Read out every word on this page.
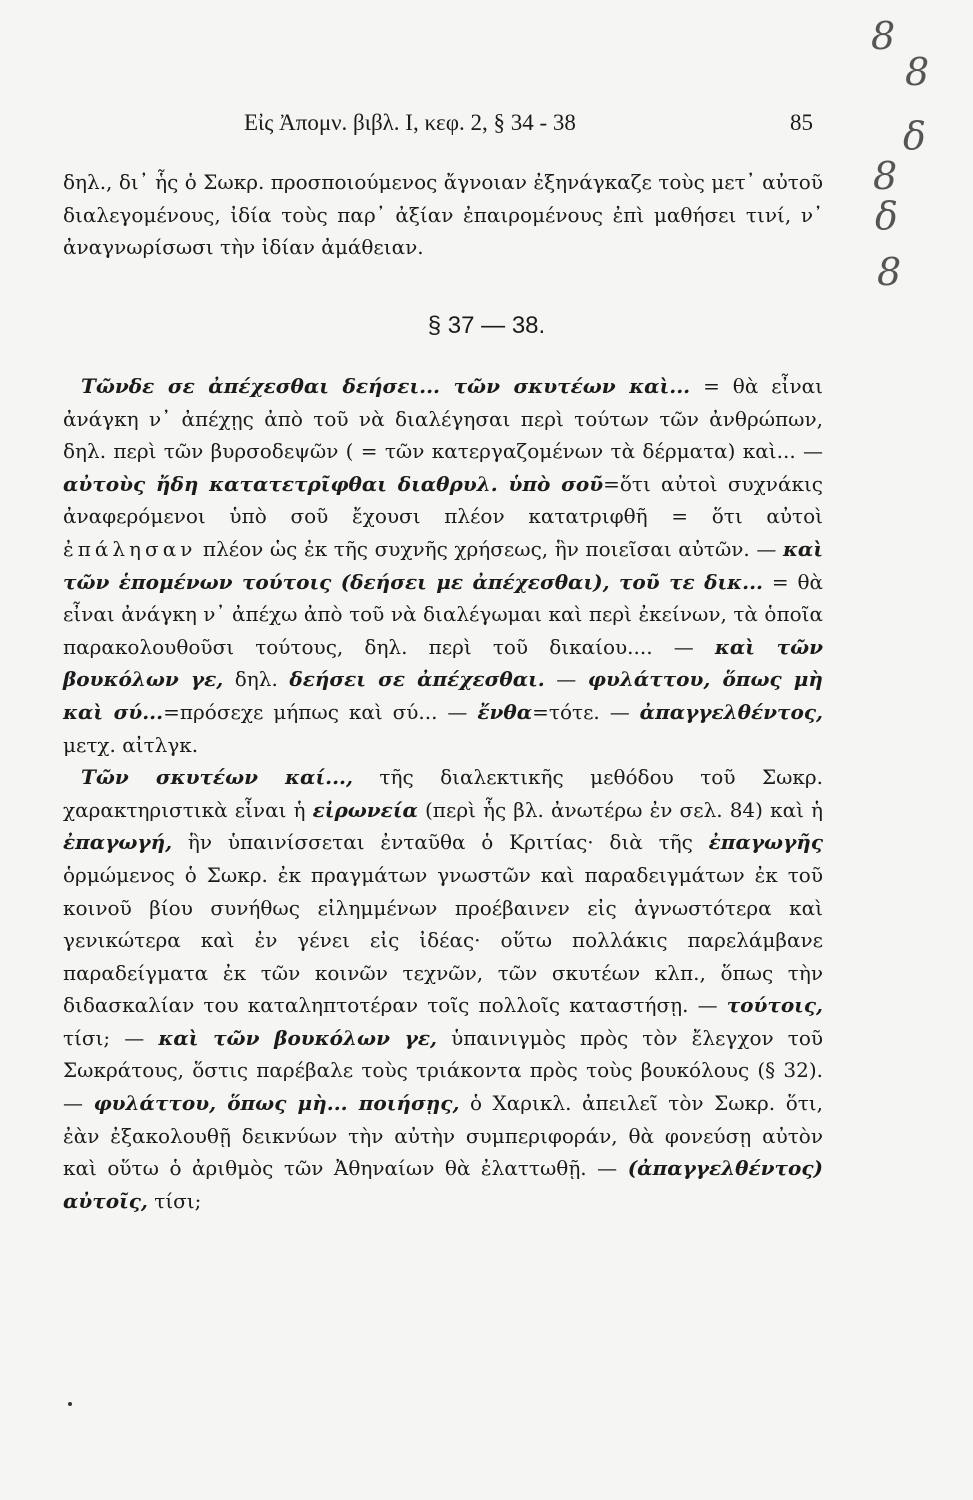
8
8
δ
8
δ
8
Εἰς Ἀπομν. βιβλ. Ι, κεφ. 2, § 34 - 38	85

δηλ., δι᾽ ἧς ὁ Σωκρ. προσποιούμενος ἄγνοιαν ἐξηνάγκαζε τοὺς μετ᾽ αὐτοῦ διαλεγομένους, ἰδία τοὺς παρ᾽ ἀξίαν ἐπαιρομένους ἐπὶ μαθήσει τινί, ν᾽ ἀναγνωρίσωσι τὴν ἰδίαν ἀμάθειαν.

§ 37 — 38.

Τῶνδε σε ἀπέχεσθαι δεήσει... τῶν σκυτέων καὶ... = θὰ εἶναι ἀνάγκη ν᾽ ἀπέχῃς ἀπὸ τοῦ νὰ διαλέγησαι περὶ τούτων τῶν ἀνθρώπων, δηλ. περὶ τῶν βυρσοδεψῶν ( = τῶν κατεργαζομένων τὰ δέρματα) καὶ... — αὐτοὺς ἤδη κατατετρῖφθαι διαθρυλ. ὑπὸ σοῦ=ὅτι αὐτοὶ συχνάκις ἀναφερόμενοι ὑπὸ σοῦ ἔχουσι πλέον κατατριφθῆ = ὅτι αὐτοὶ ἐπάλησαν πλέον ὡς ἐκ τῆς συχνῆς χρήσεως, ἣν ποιεῖσαι αὐτῶν. — καὶ τῶν ἑπομένων τούτοις (δεήσει με ἀπέχεσθαι), τοῦ τε δικ... = θὰ εἶναι ἀνάγκη ν᾽ ἀπέχω ἀπὸ τοῦ νὰ διαλέγωμαι καὶ περὶ ἐκείνων, τὰ ὁποῖα παρακολουθοῦσι τούτους, δηλ. περὶ τοῦ δικαίου.... — καὶ τῶν βουκόλων γε, δηλ. δεήσει σε ἀπέχεσθαι. — φυλάττου, ὅπως μὴ καὶ σύ...=πρόσεχε μήπως καὶ σύ... — ἔνθα=τότε. — ἀπαγγελθέντος, μετχ. αἰτλγκ.

Τῶν σκυτέων καί..., τῆς διαλεκτικῆς μεθόδου τοῦ Σωκρ. χαρακτηριστικὰ εἶναι ἡ εἰρωνεία (περὶ ἧς βλ. ἀνωτέρω ἐν σελ. 84) καὶ ἡ ἐπαγωγή, ἣν ὑπαινίσσεται ἐνταῦθα ὁ Κριτίας· διὰ τῆς ἐπαγωγῆς ὁρμώμενος ὁ Σωκρ. ἐκ πραγμάτων γνωστῶν καὶ παραδειγμάτων ἐκ τοῦ κοινοῦ βίου συνήθως εἰλημμένων προέβαινεν εἰς ἀγνωστότερα καὶ γενικώτερα καὶ ἐν γένει εἰς ἰδέας· οὕτω πολλάκις παρελάμβανε παραδείγματα ἐκ τῶν κοινῶν τεχνῶν, τῶν σκυτέων κλπ., ὅπως τὴν διδασκαλίαν του καταληπτοτέραν τοῖς πολλοῖς καταστήσῃ. — τούτοις, τίσι; — καὶ τῶν βουκόλων γε, ὑπαινιγμὸς πρὸς τὸν ἔλεγχον τοῦ Σωκράτους, ὅστις παρέβαλε τοὺς τριάκοντα πρὸς τοὺς βουκόλους (§ 32). — φυλάττου, ὅπως μὴ... ποιήσῃς, ὁ Χαρικλ. ἀπειλεῖ τὸν Σωκρ. ὅτι, ἐὰν ἐξακολουθῇ δεικνύων τὴν αὐτὴν συμπεριφοράν, θὰ φονεύσῃ αὐτὸν καὶ οὕτω ὁ ἀριθμὸς τῶν Ἀθηναίων θὰ ἐλαττωθῇ. — (ἀπαγγελθέντος) αὐτοῖς, τίσι;
